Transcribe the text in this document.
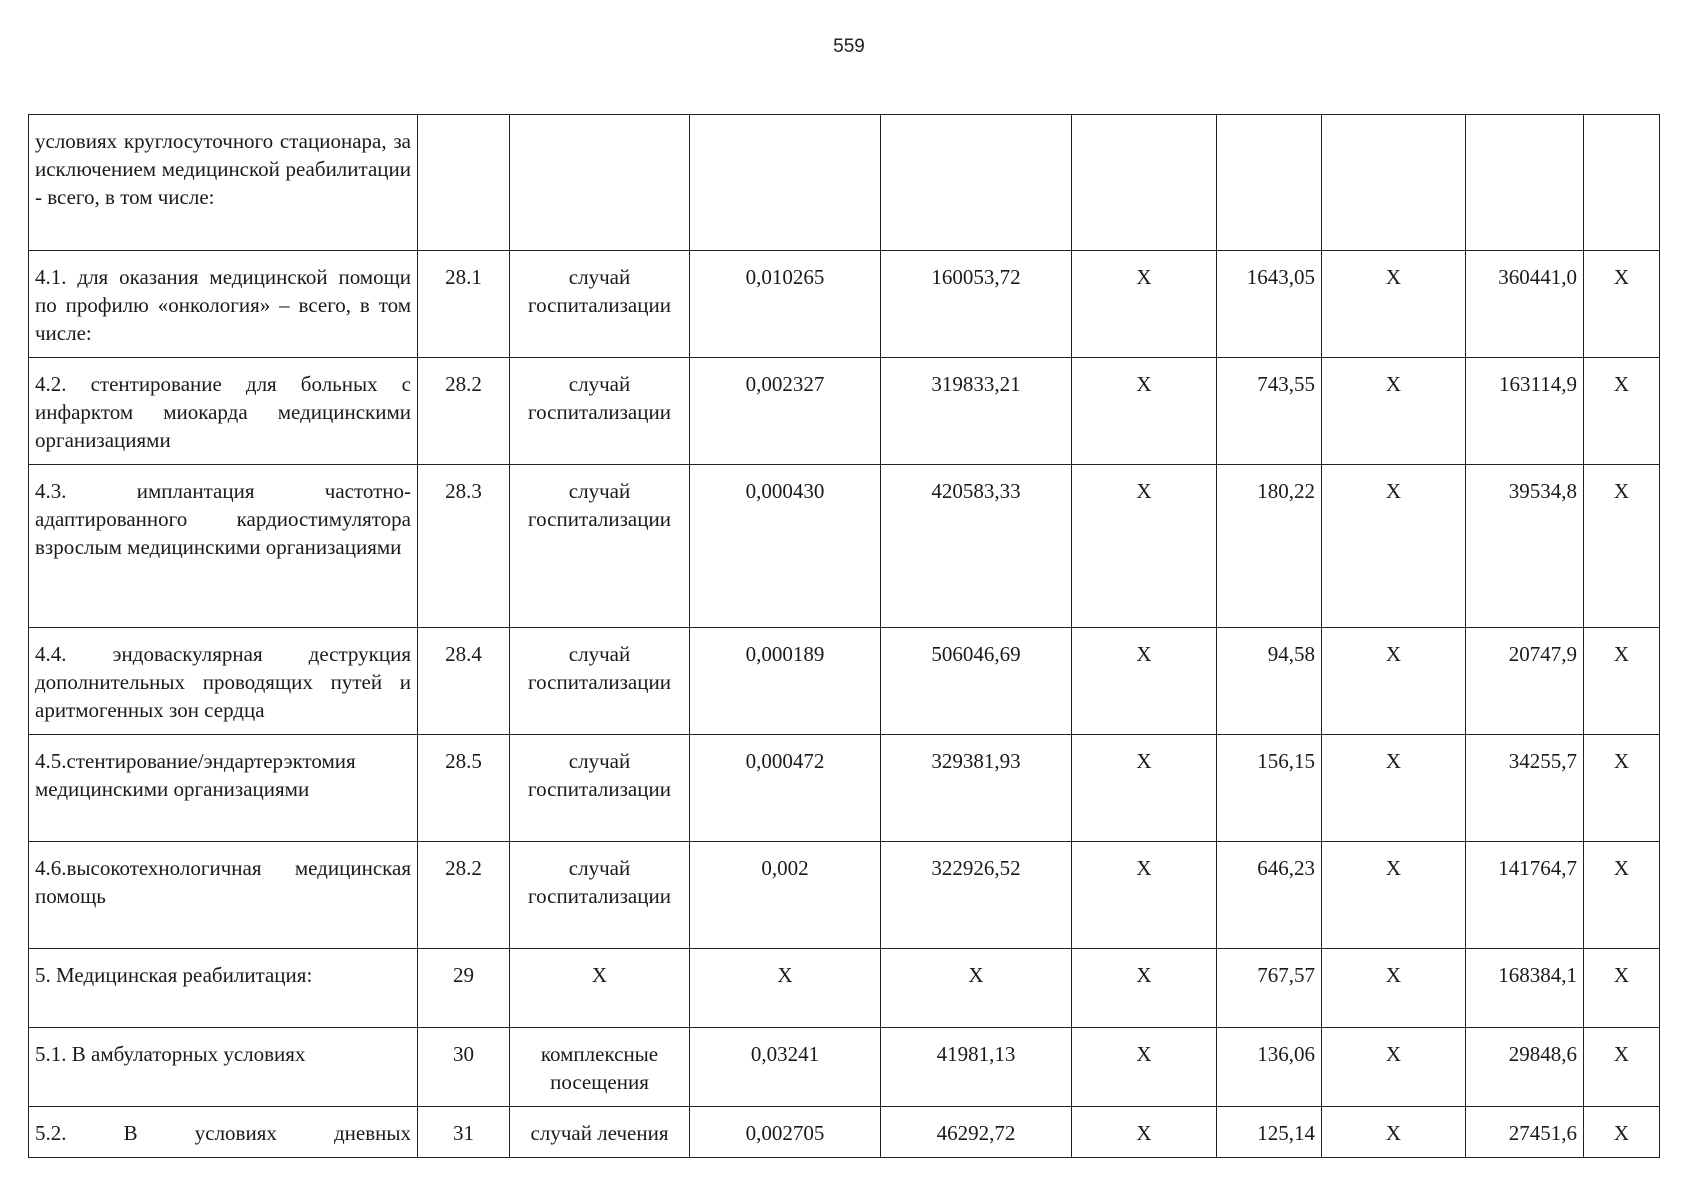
559
условиях круглосуточного стационара, за исключением медицинской реабилитации - всего, в том числе:									
4.1. для оказания медицинской помощи по профилю «онкология» – всего, в том числе:	28.1	случай госпитализации	0,010265	160053,72	X	1643,05	X	360441,0	X
4.2. стентирование для больных с инфарктом миокарда медицинскими организациями	28.2	случай госпитализации	0,002327	319833,21	X	743,55	X	163114,9	X
4.3. имплантация частотно-адаптированного кардиостимулятора взрослым медицинскими организациями	28.3	случай госпитализации	0,000430	420583,33	X	180,22	X	39534,8	X
4.4. эндоваскулярная деструкция дополнительных проводящих путей и аритмогенных зон сердца	28.4	случай госпитализации	0,000189	506046,69	X	94,58	X	20747,9	X
4.5.стентирование/эндартерэктомия медицинскими организациями	28.5	случай госпитализации	0,000472	329381,93	X	156,15	X	34255,7	X
4.6.высокотехнологичная медицинская помощь	28.2	случай госпитализации	0,002	322926,52	X	646,23	X	141764,7	X
5. Медицинская реабилитация:	29	X	X	X	X	767,57	X	168384,1	X
5.1. В амбулаторных условиях	30	комплексные посещения	0,03241	41981,13	X	136,06	X	29848,6	X
5.2. В условиях дневных	31	случай лечения	0,002705	46292,72	X	125,14	X	27451,6	X
